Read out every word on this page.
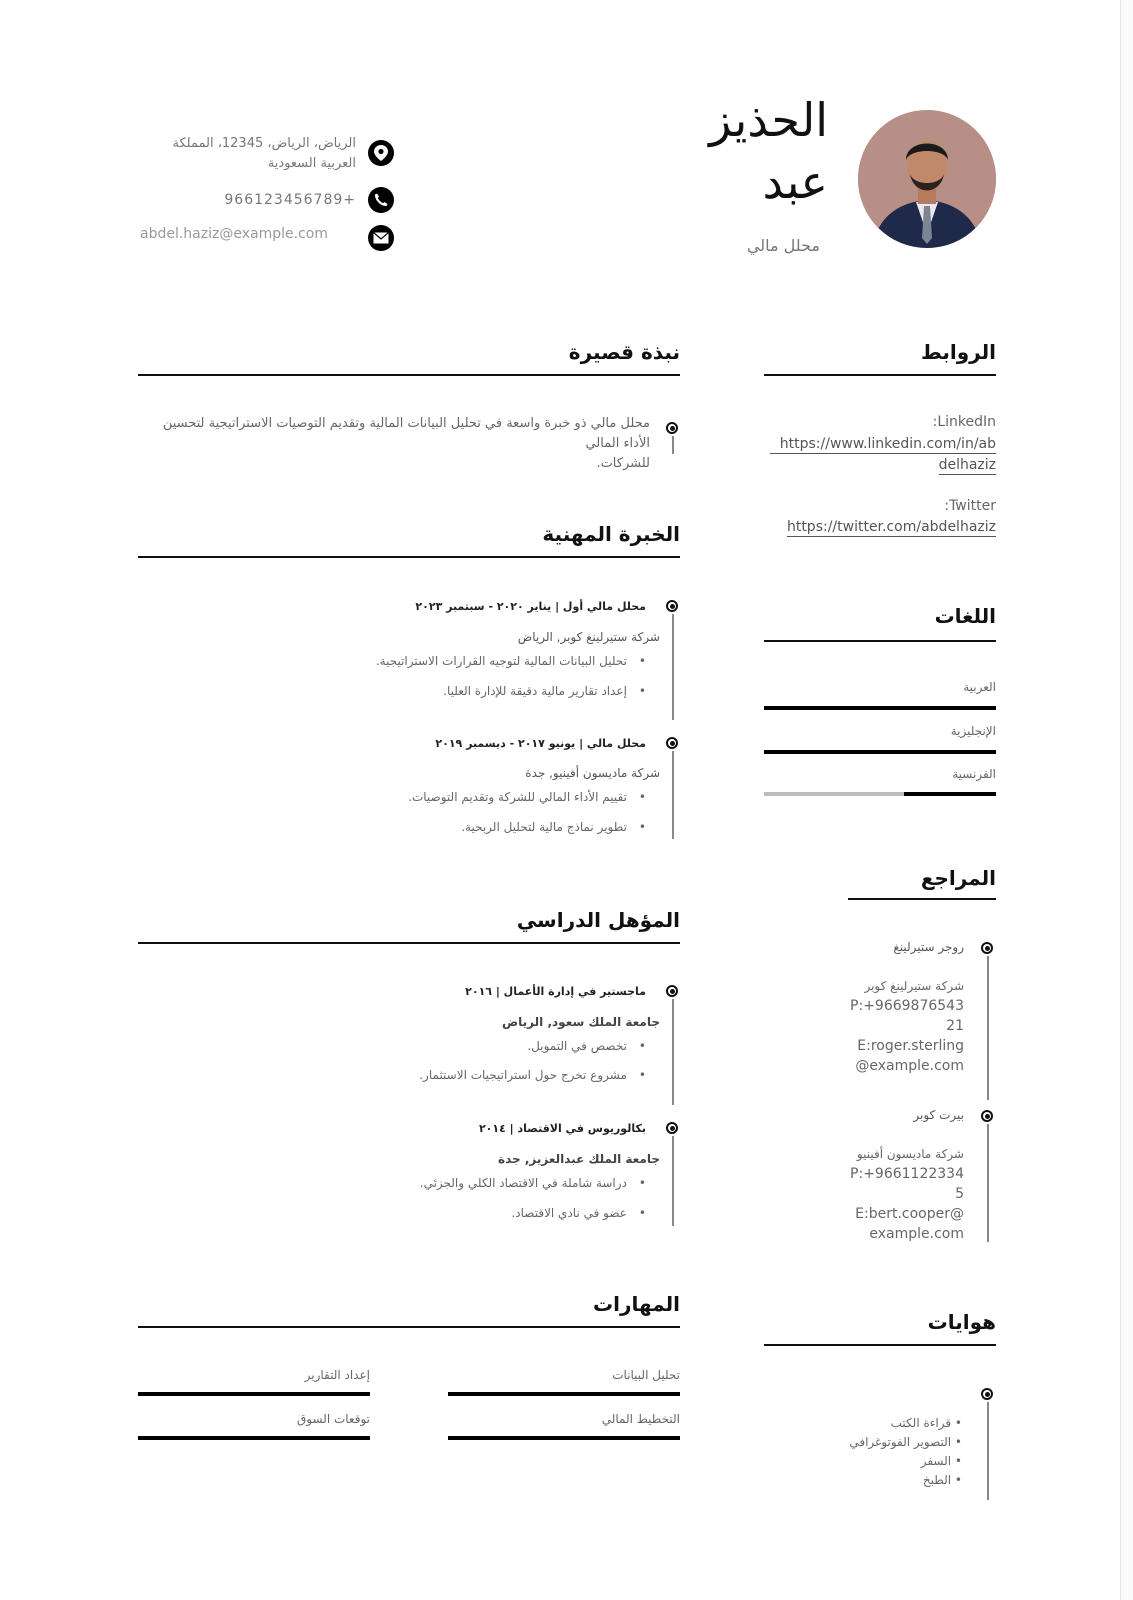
الحذيز
عبد
محلل مالي
الرياض، الرياض، 12345، المملكة
العربية السعودية
966123456789+
abdel.haziz@example.com
الروابط
:LinkedIn
https://www.linkedin.com/in/ab delhaziz
:Twitter
https://twitter.com/abdelhaziz
اللغات
العربية
الإنجليزية
الفرنسية
المراجع
روجر ستيرلينغ
شركة ستيرلينغ كوبر
P:+9669876543
21
E:roger.sterling
@example.com
بيرت كوبر
شركة ماديسون أفينيو
P:+9661122334
5
E:bert.cooper@
example.com
هوايات
• قراءة الكتب
• التصوير الفوتوغرافي
• السفر
• الطبخ
نبذة قصيرة
محلل مالي ذو خبرة واسعة في تحليل البيانات المالية وتقديم التوصيات الاستراتيجية لتحسين الأداء المالي
للشركات.
الخبرة المهنية
محلل مالي أول | يناير ٢٠٢٠ - سبتمبر ٢٠٢٣
شركة ستيرلينغ كوبر, الرياض
• تحليل البيانات المالية لتوجيه القرارات الاستراتيجية.
• إعداد تقارير مالية دقيقة للإدارة العليا.
محلل مالي | يونيو ٢٠١٧ - ديسمبر ٢٠١٩
شركة ماديسون أفينيو, جدة
• تقييم الأداء المالي للشركة وتقديم التوصيات.
• تطوير نماذج مالية لتحليل الربحية.
المؤهل الدراسي
ماجستير في إدارة الأعمال | ٢٠١٦
جامعة الملك سعود, الرياض
• تخصص في التمويل.
• مشروع تخرج حول استراتيجيات الاستثمار.
بكالوريوس في الاقتصاد | ٢٠١٤
جامعة الملك عبدالعزيز, جدة
• دراسة شاملة في الاقتصاد الكلي والجزئي.
• عضو في نادي الاقتصاد.
المهارات
تحليل البيانات
إعداد التقارير
التخطيط المالي
توقعات السوق
